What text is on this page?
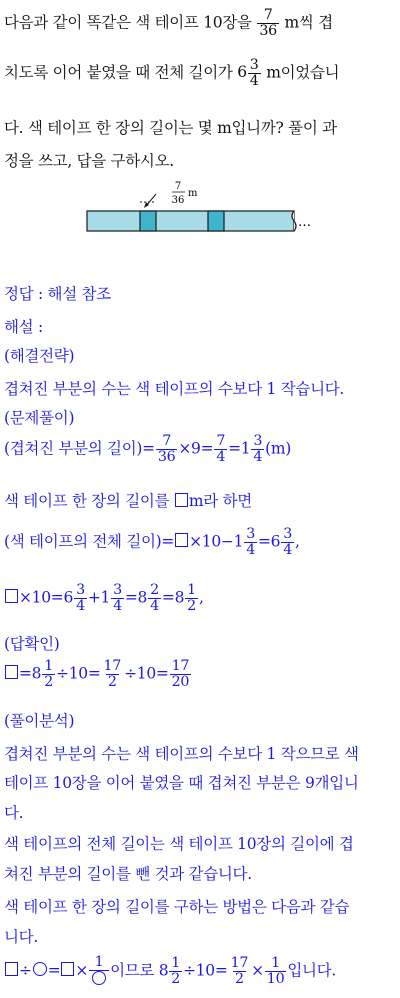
다음과 같이 똑같은 색 테이프 10장을 $\frac{7}{36}$ m씩 겹
치도록 이어 붙였을 때 전체 길이가 $6 \frac{3}{4}$ m이었습니
다. 색 테이프 한 장의 길이는 몇 m입니까? 풀이 과
정을 쓰고, 답을 구하시오.
7
36
m
…
정답 : 해설 참조
해설 :
(해결전략)
겹쳐진 부분의 수는 색 테이프의 수보다 1 작습니다.
(문제풀이)
(겹쳐진 부분의 길이)= $\frac{7}{36} \times 9= \frac{7}{4} =1 \frac{3}{4} (m)$
색 테이프 한 장의 길이를 m라 하면
(색 테이프의 전체 길이)= $\times 10-1 \frac{3}{4} =6 \frac{3}{4}$ ,
$\times 10=6 \frac{3}{4} +1 \frac{3}{4} =8 \frac{2}{4} =8 \frac{1}{2}$ ,
(답확인)
$=8 \frac{1}{2} \div 10= \frac{17}{2} \div 10= \frac{17}{20}$
(풀이분석)
겹쳐진 부분의 수는 색 테이프의 수보다 1 작으므로 색
테이프 10장을 이어 붙였을 때 겹쳐진 부분은 9개입니
다.
색 테이프의 전체 길이는 색 테이프 10장의 길이에 겹
쳐진 부분의 길이를 뺀 것과 같습니다.
색 테이프 한 장의 길이를 구하는 방법은 다음과 같습
니다.
÷ = × 1 이므로 $8 \frac{1}{2} \div 10= \frac{17}{2} \times \frac{1}{10}$ 입니다.
